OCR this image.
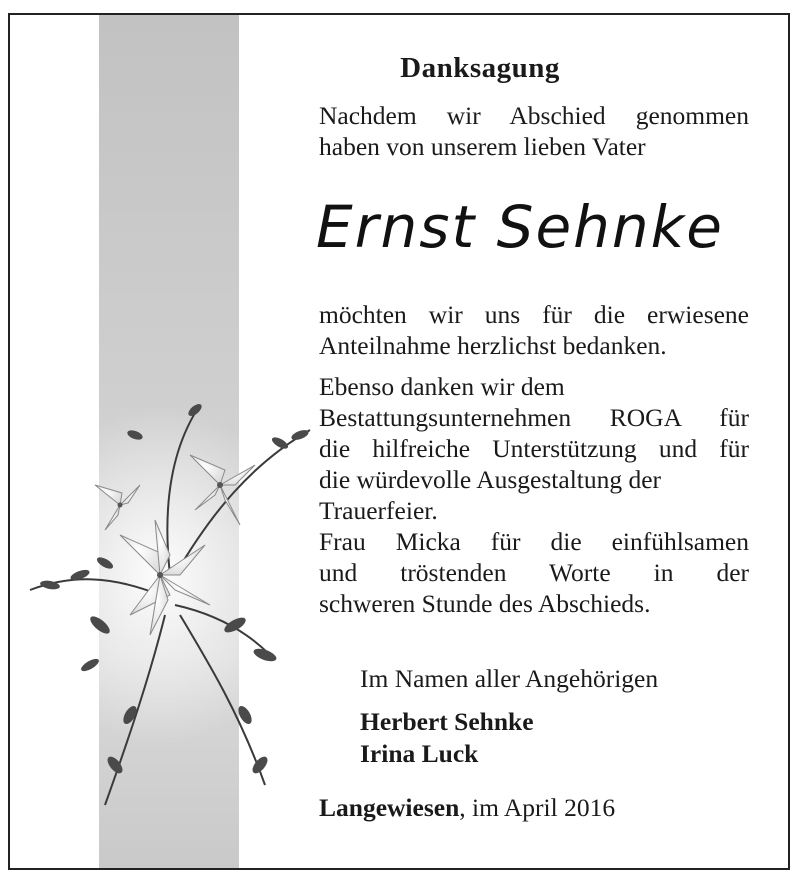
Danksagung

Nachdem wir Abschied genommen

haben von unserem lieben Vater

Ernst Sehnke

möchten wir uns für die erwiesene

Anteilnahme herzlichst bedanken.

Ebenso danken wir dem

Bestattungsunternehmen ROGA für

die hilfreiche Unterstützung und für

die würdevolle Ausgestaltung der

Trauerfeier.

Frau Micka für die einfühlsamen

und tröstenden Worte in der

schweren Stunde des Abschieds.

Im Namen aller Angehörigen
Herbert Sehnke
Irina Luck
Langewiesen, im April 2016
